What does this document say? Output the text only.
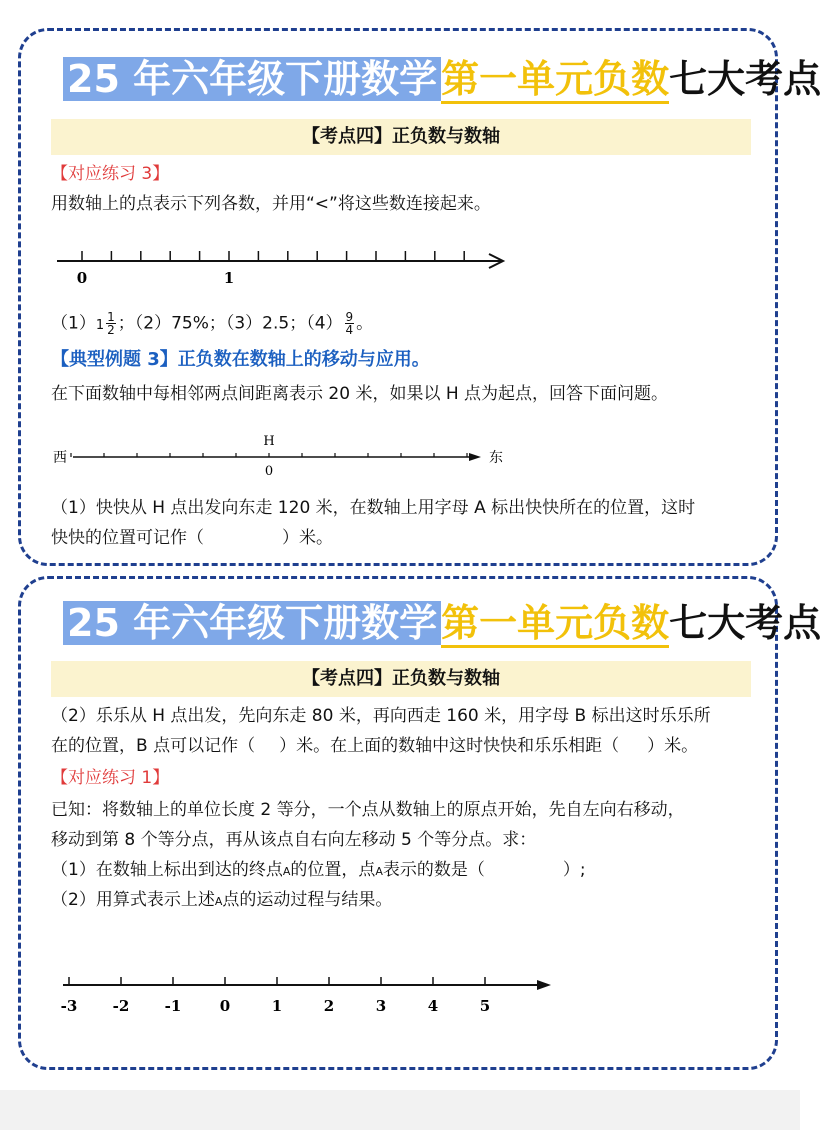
25 年六年级下册数学 第一单元负数七大考点
【考点四】正负数与数轴
【对应练习 3】
用数轴上的点表示下列各数，并用“<”将这些数连接起来。
0	1
$(1)1 \frac{1}{2}$ ；（2）75%；（3）2.5；$(4) \frac{9}{4}$ 。
【典型例题 3】正负数在数轴上的移动与应用。
在下面数轴中每相邻两点间距离表示 20 米，如果以 H 点为起点，回答下面问题。
西
H
0
东
（1）快快从 H 点出发向东走 120 米，在数轴上用字母 A 标出快快所在的位置，这时
快快的位置可记作（	）米。
25 年六年级下册数学 第一单元负数七大考点
【考点四】正负数与数轴
（2）乐乐从 H 点出发，先向东走 80 米，再向西走 160 米，用字母 B 标出这时乐乐所
在的位置，B 点可以记作（ ）米。在上面的数轴中这时快快和乐乐相距（ ）米。
【对应练习 1】
已知：将数轴上的单位长度 2 等分，一个点从数轴上的原点开始，先自左向右移动，
移动到第 8 个等分点，再从该点自右向左移动 5 个等分点。求：
（1）在数轴上标出到达的终点A的位置，点A表示的数是（	）;
（2）用算式表示上述A点的运动过程与结果。
-3 -2 -1	0	1	2	3	4	5
